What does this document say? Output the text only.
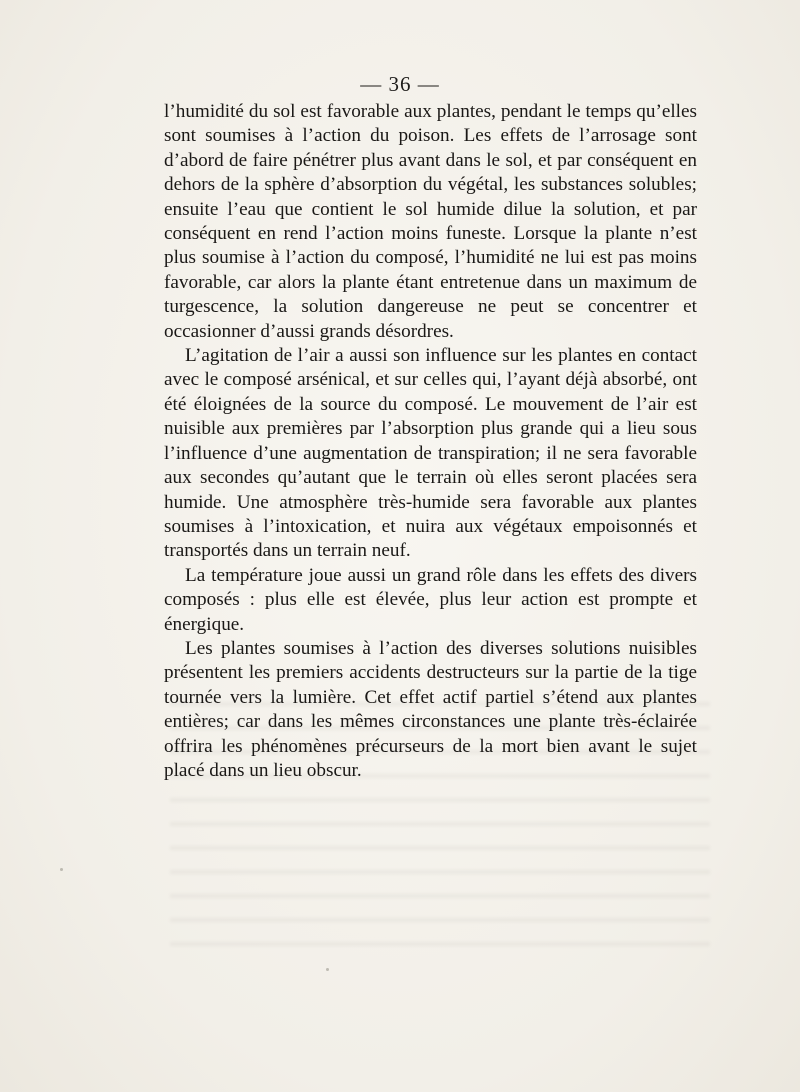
— 36 —

l’humidité du sol est favorable aux plantes, pendant le temps qu’elles sont soumises à l’action du poison. Les effets de l’arrosage sont d’abord de faire pénétrer plus avant dans le sol, et par conséquent en dehors de la sphère d’absorption du végétal, les substances solubles; ensuite l’eau que contient le sol humide dilue la solution, et par conséquent en rend l’action moins funeste. Lorsque la plante n’est plus soumise à l’action du composé, l’humidité ne lui est pas moins favorable, car alors la plante étant entretenue dans un maximum de turgescence, la solution dangereuse ne peut se concentrer et occasionner d’aussi grands désordres.

L’agitation de l’air a aussi son influence sur les plantes en contact avec le composé arsénical, et sur celles qui, l’ayant déjà absorbé, ont été éloignées de la source du composé. Le mouvement de l’air est nuisible aux premières par l’absorption plus grande qui a lieu sous l’influence d’une augmentation de transpiration; il ne sera favorable aux secondes qu’autant que le terrain où elles seront placées sera humide. Une atmosphère très-humide sera favorable aux plantes soumises à l’intoxication, et nuira aux végétaux empoisonnés et transportés dans un terrain neuf.

La température joue aussi un grand rôle dans les effets des divers composés : plus elle est élevée, plus leur action est prompte et énergique.

Les plantes soumises à l’action des diverses solutions nuisibles présentent les premiers accidents destructeurs sur la partie de la tige tournée vers la lumière. Cet effet actif partiel s’étend aux plantes entières; car dans les mêmes circonstances une plante très-éclairée offrira les phénomènes précurseurs de la mort bien avant le sujet placé dans un lieu obscur.
